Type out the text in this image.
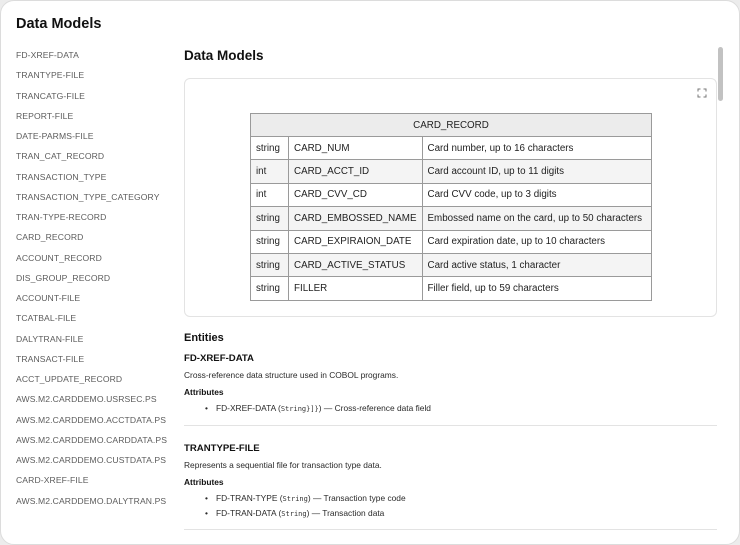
Data Models
FD-XREF-DATA
TRANTYPE-FILE
TRANCATG-FILE
REPORT-FILE
DATE-PARMS-FILE
TRAN_CAT_RECORD
TRANSACTION_TYPE
TRANSACTION_TYPE_CATEGORY
TRAN-TYPE-RECORD
CARD_RECORD
ACCOUNT_RECORD
DIS_GROUP_RECORD
ACCOUNT-FILE
TCATBAL-FILE
DALYTRAN-FILE
TRANSACT-FILE
ACCT_UPDATE_RECORD
AWS.M2.CARDDEMO.USRSEC.PS
AWS.M2.CARDDEMO.ACCTDATA.PS
AWS.M2.CARDDEMO.CARDDATA.PS
AWS.M2.CARDDEMO.CUSTDATA.PS
CARD-XREF-FILE
AWS.M2.CARDDEMO.DALYTRAN.PS
Data Models
CARD_RECORD		
string	CARD_NUM	Card number, up to 16 characters
int	CARD_ACCT_ID	Card account ID, up to 11 digits
int	CARD_CVV_CD	Card CVV code, up to 3 digits
string	CARD_EMBOSSED_NAME	Embossed name on the card, up to 50 characters
string	CARD_EXPIRAION_DATE	Card expiration date, up to 10 characters
string	CARD_ACTIVE_STATUS	Card active status, 1 character
string	FILLER	Filler field, up to 59 characters
Entities
FD-XREF-DATA
Cross-reference data structure used in COBOL programs.
Attributes
• FD-XREF-DATA (String}]}) — Cross-reference data field
TRANTYPE-FILE
Represents a sequential file for transaction type data.
Attributes
• FD-TRAN-TYPE (String) — Transaction type code
• FD-TRAN-DATA (String) — Transaction data
